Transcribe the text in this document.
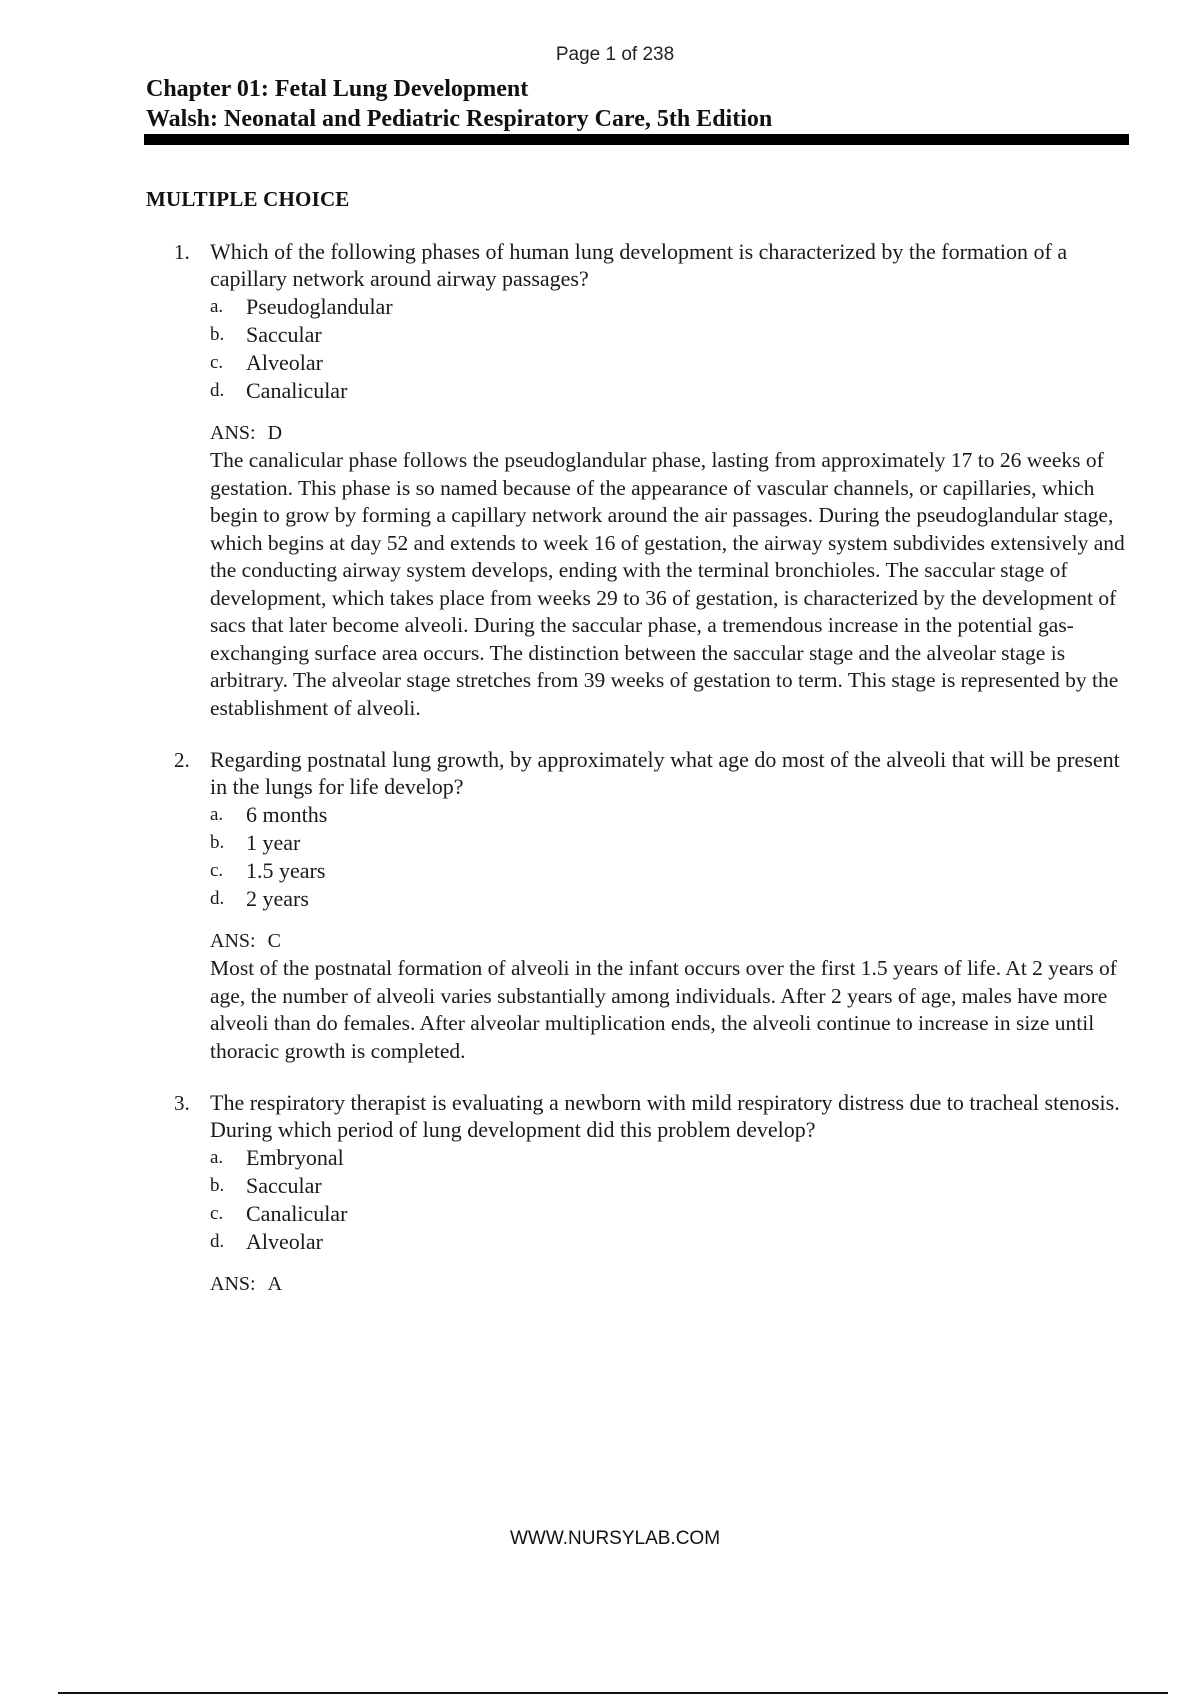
Page 1 of 238
Chapter 01: Fetal Lung Development
Walsh: Neonatal and Pediatric Respiratory Care, 5th Edition
MULTIPLE CHOICE
1. Which of the following phases of human lung development is characterized by the formation of a capillary network around airway passages?
a. Pseudoglandular
b. Saccular
c. Alveolar
d. Canalicular
ANS: D
The canalicular phase follows the pseudoglandular phase, lasting from approximately 17 to 26 weeks of gestation. This phase is so named because of the appearance of vascular channels, or capillaries, which begin to grow by forming a capillary network around the air passages. During the pseudoglandular stage, which begins at day 52 and extends to week 16 of gestation, the airway system subdivides extensively and the conducting airway system develops, ending with the terminal bronchioles. The saccular stage of development, which takes place from weeks 29 to 36 of gestation, is characterized by the development of sacs that later become alveoli. During the saccular phase, a tremendous increase in the potential gas-exchanging surface area occurs. The distinction between the saccular stage and the alveolar stage is arbitrary. The alveolar stage stretches from 39 weeks of gestation to term. This stage is represented by the establishment of alveoli.
2. Regarding postnatal lung growth, by approximately what age do most of the alveoli that will be present in the lungs for life develop?
a. 6 months
b. 1 year
c. 1.5 years
d. 2 years
ANS: C
Most of the postnatal formation of alveoli in the infant occurs over the first 1.5 years of life. At 2 years of age, the number of alveoli varies substantially among individuals. After 2 years of age, males have more alveoli than do females. After alveolar multiplication ends, the alveoli continue to increase in size until thoracic growth is completed.
3. The respiratory therapist is evaluating a newborn with mild respiratory distress due to tracheal stenosis. During which period of lung development did this problem develop?
a. Embryonal
b. Saccular
c. Canalicular
d. Alveolar
ANS: A
WWW.NURSYLAB.COM
